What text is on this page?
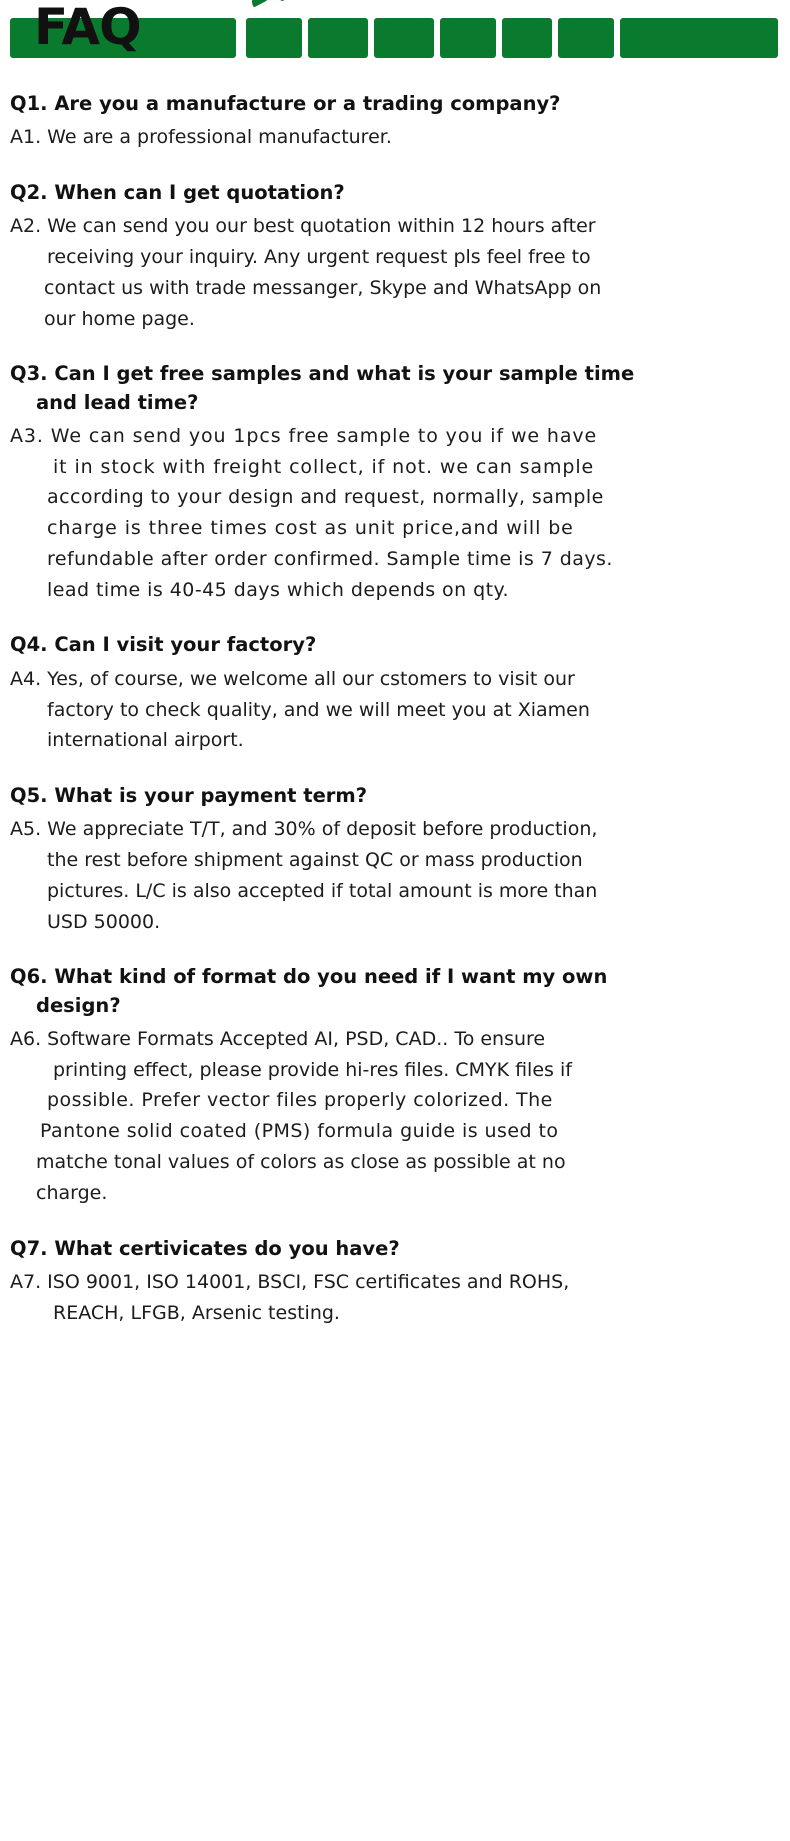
FAQ
Q1. Are you a manufacture or a trading company?
A1. We are a professional manufacturer.
Q2. When can I get quotation?
A2. We can send you our best quotation within 12 hours after
receiving your inquiry. Any urgent request pls feel free to
contact us with trade messanger, Skype and WhatsApp on
our home page.
Q3. Can I get free samples and what is your sample time
and lead time?
A3. We can send you 1pcs free sample to you if we have
it in stock with freight collect, if not. we can sample
according to your design and request, normally, sample
charge is three times cost as unit price,and will be
refundable after order confirmed. Sample time is 7 days.
lead time is 40-45 days which depends on qty.
Q4. Can I visit your factory?
A4. Yes, of course, we welcome all our cstomers to visit our
factory to check quality, and we will meet you at Xiamen
international airport.
Q5. What is your payment term?
A5. We appreciate T/T, and 30% of deposit before production,
the rest before shipment against QC or mass production
pictures. L/C is also accepted if total amount is more than
USD 50000.
Q6. What kind of format do you need if I want my own
design?
A6. Software Formats Accepted AI, PSD, CAD.. To ensure
printing effect, please provide hi-res files. CMYK files if
possible. Prefer vector files properly colorized. The
Pantone solid coated (PMS) formula guide is used to
matche tonal values of colors as close as possible at no
charge.
Q7. What certivicates do you have?
A7. ISO 9001, ISO 14001, BSCI, FSC certificates and ROHS,
REACH, LFGB, Arsenic testing.
